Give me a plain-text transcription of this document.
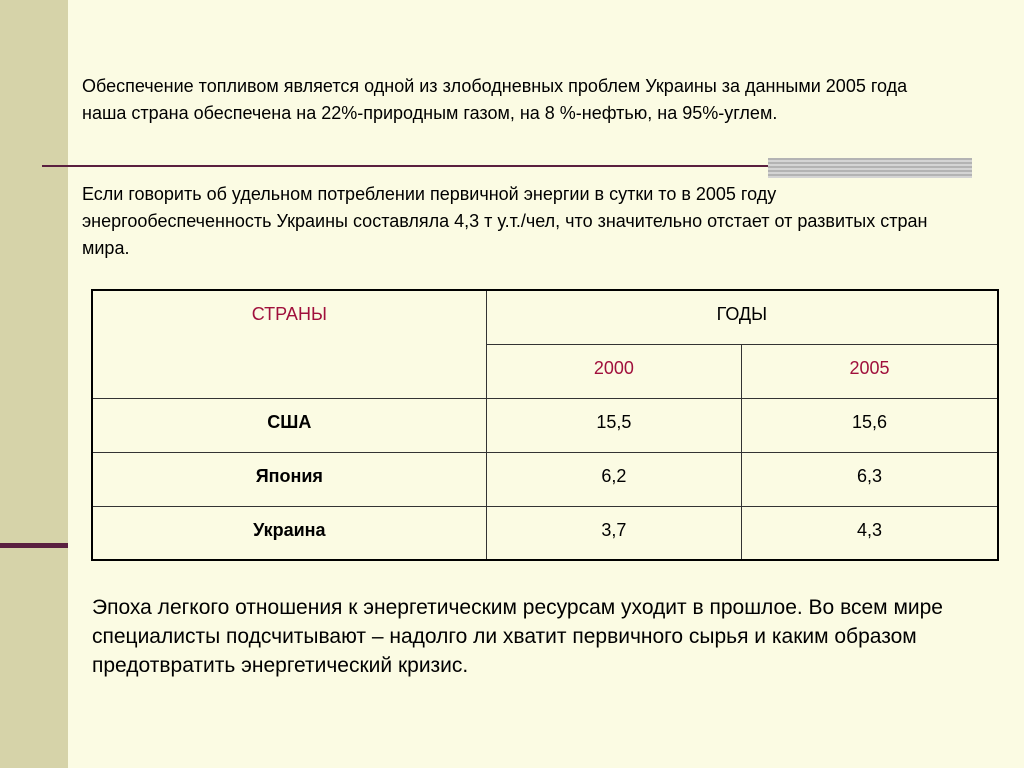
Обеспечение топливом является одной из злободневных проблем Украины за данными 2005 года наша страна обеспечена на 22%-природным газом, на 8 %-нефтью, на 95%-углем.

Если говорить об удельном потреблении первичной энергии в сутки то в 2005 году энергообеспеченность Украины составляла 4,3 т у.т./чел, что значительно отстает от развитых стран мира.

СТРАНЫ	ГОДЫ	
	2000	2005
США	15,5	15,6
Япония	6,2	6,3
Украина	3,7	4,3

Эпоха легкого отношения к энергетическим ресурсам уходит в прошлое. Во всем мире специалисты подсчитывают – надолго ли хватит первичного сырья и каким образом предотвратить энергетический кризис.
